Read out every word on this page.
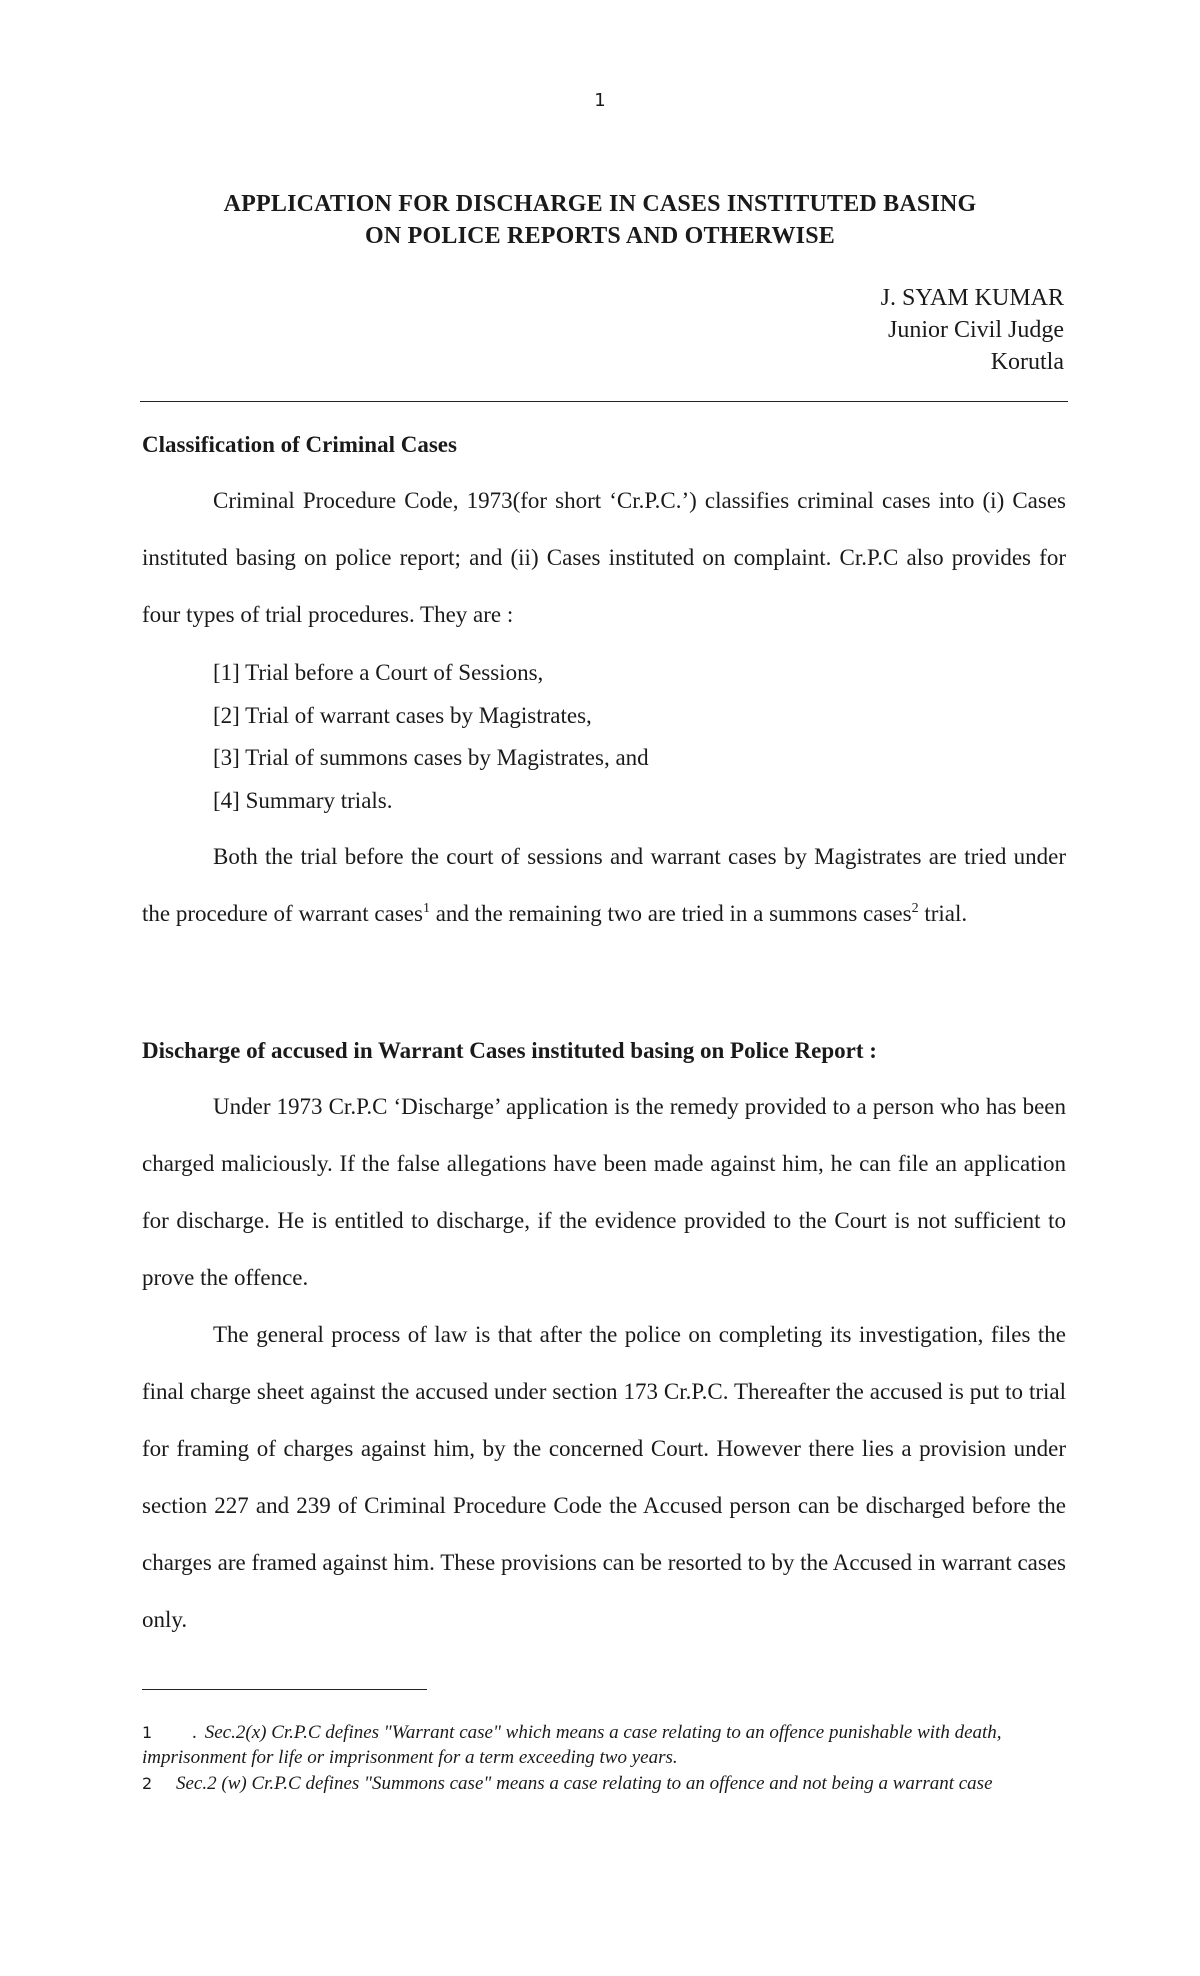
1
APPLICATION FOR DISCHARGE IN CASES INSTITUTED BASING
ON POLICE REPORTS AND OTHERWISE
J. SYAM KUMAR
Junior Civil Judge
Korutla
Classification of Criminal Cases

Criminal Procedure Code, 1973(for short ‘Cr.P.C.’) classifies criminal cases into (i) Cases instituted basing on police report; and (ii) Cases instituted on complaint. Cr.P.C also provides for four types of trial procedures. They are :

[1] Trial before a Court of Sessions,
[2] Trial of warrant cases by Magistrates,
[3] Trial of summons cases by Magistrates, and
[4] Summary trials.

Both the trial before the court of sessions and warrant cases by Magistrates are tried under the procedure of warrant cases$^1$ and the remaining two are tried in a summons cases$^2$ trial.

Discharge of accused in Warrant Cases instituted basing on Police Report :

Under 1973 Cr.P.C ‘Discharge’ application is the remedy provided to a person who has been charged maliciously. If the false allegations have been made against him, he can file an application for discharge. He is entitled to discharge, if the evidence provided to the Court is not sufficient to prove the offence.

The general process of law is that after the police on completing its investigation, files the final charge sheet against the accused under section 173 Cr.P.C. Thereafter the accused is put to trial for framing of charges against him, by the concerned Court. However there lies a provision under section 227 and 239 of Criminal Procedure Code the Accused person can be discharged before the charges are framed against him. These provisions can be resorted to by the Accused in warrant cases only.

1 . Sec.2(x) Cr.P.C defines "Warrant case" which means a case relating to an offence punishable with death, imprisonment for life or imprisonment for a term exceeding two years.
2 Sec.2 (w) Cr.P.C defines "Summons case" means a case relating to an offence and not being a warrant case
